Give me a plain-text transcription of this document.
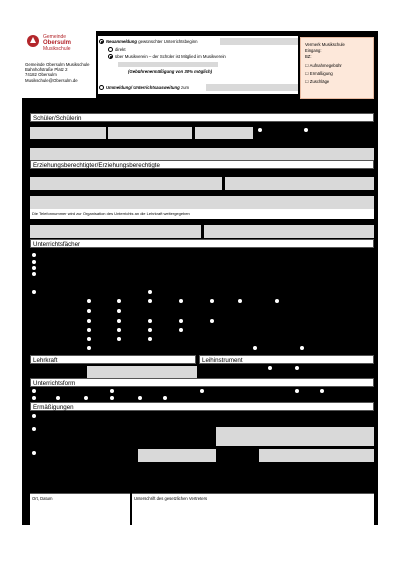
Gemeinde
Obersulm
Musikschule
Gemeinde Obersulm Musikschule
Bahnhofstraße Platz 2
74182 Obersulm
Musikschule@Obersulm.de
Neuanmeldung gewünschter Unterrichtsbeginn
direkt
über Musikverein – der Schüler ist Mitglied im Musikverein
(Gebührenermäßigung von 30% möglich)
Ummeldung/ Unterrichtsausweitung zum
Vermerk Musikschule
Eingang:
BZ:
☐ Aufnahmegebühr
☐ Ermäßigung
☐ Zuschläge
Schüler/Schülerin
Erziehungsberechtigter/Erziehungsberechtigte
Die Telefonnummer wird zur Organisation des Unterrichts an die Lehrkraft weitergegeben
Unterrichtsfächer
Lehrkraft	Leihinstrument
Unterrichtsform
Ermäßigungen
Ort, Datum	Unterschrift des gesetzlichen Vertreters
